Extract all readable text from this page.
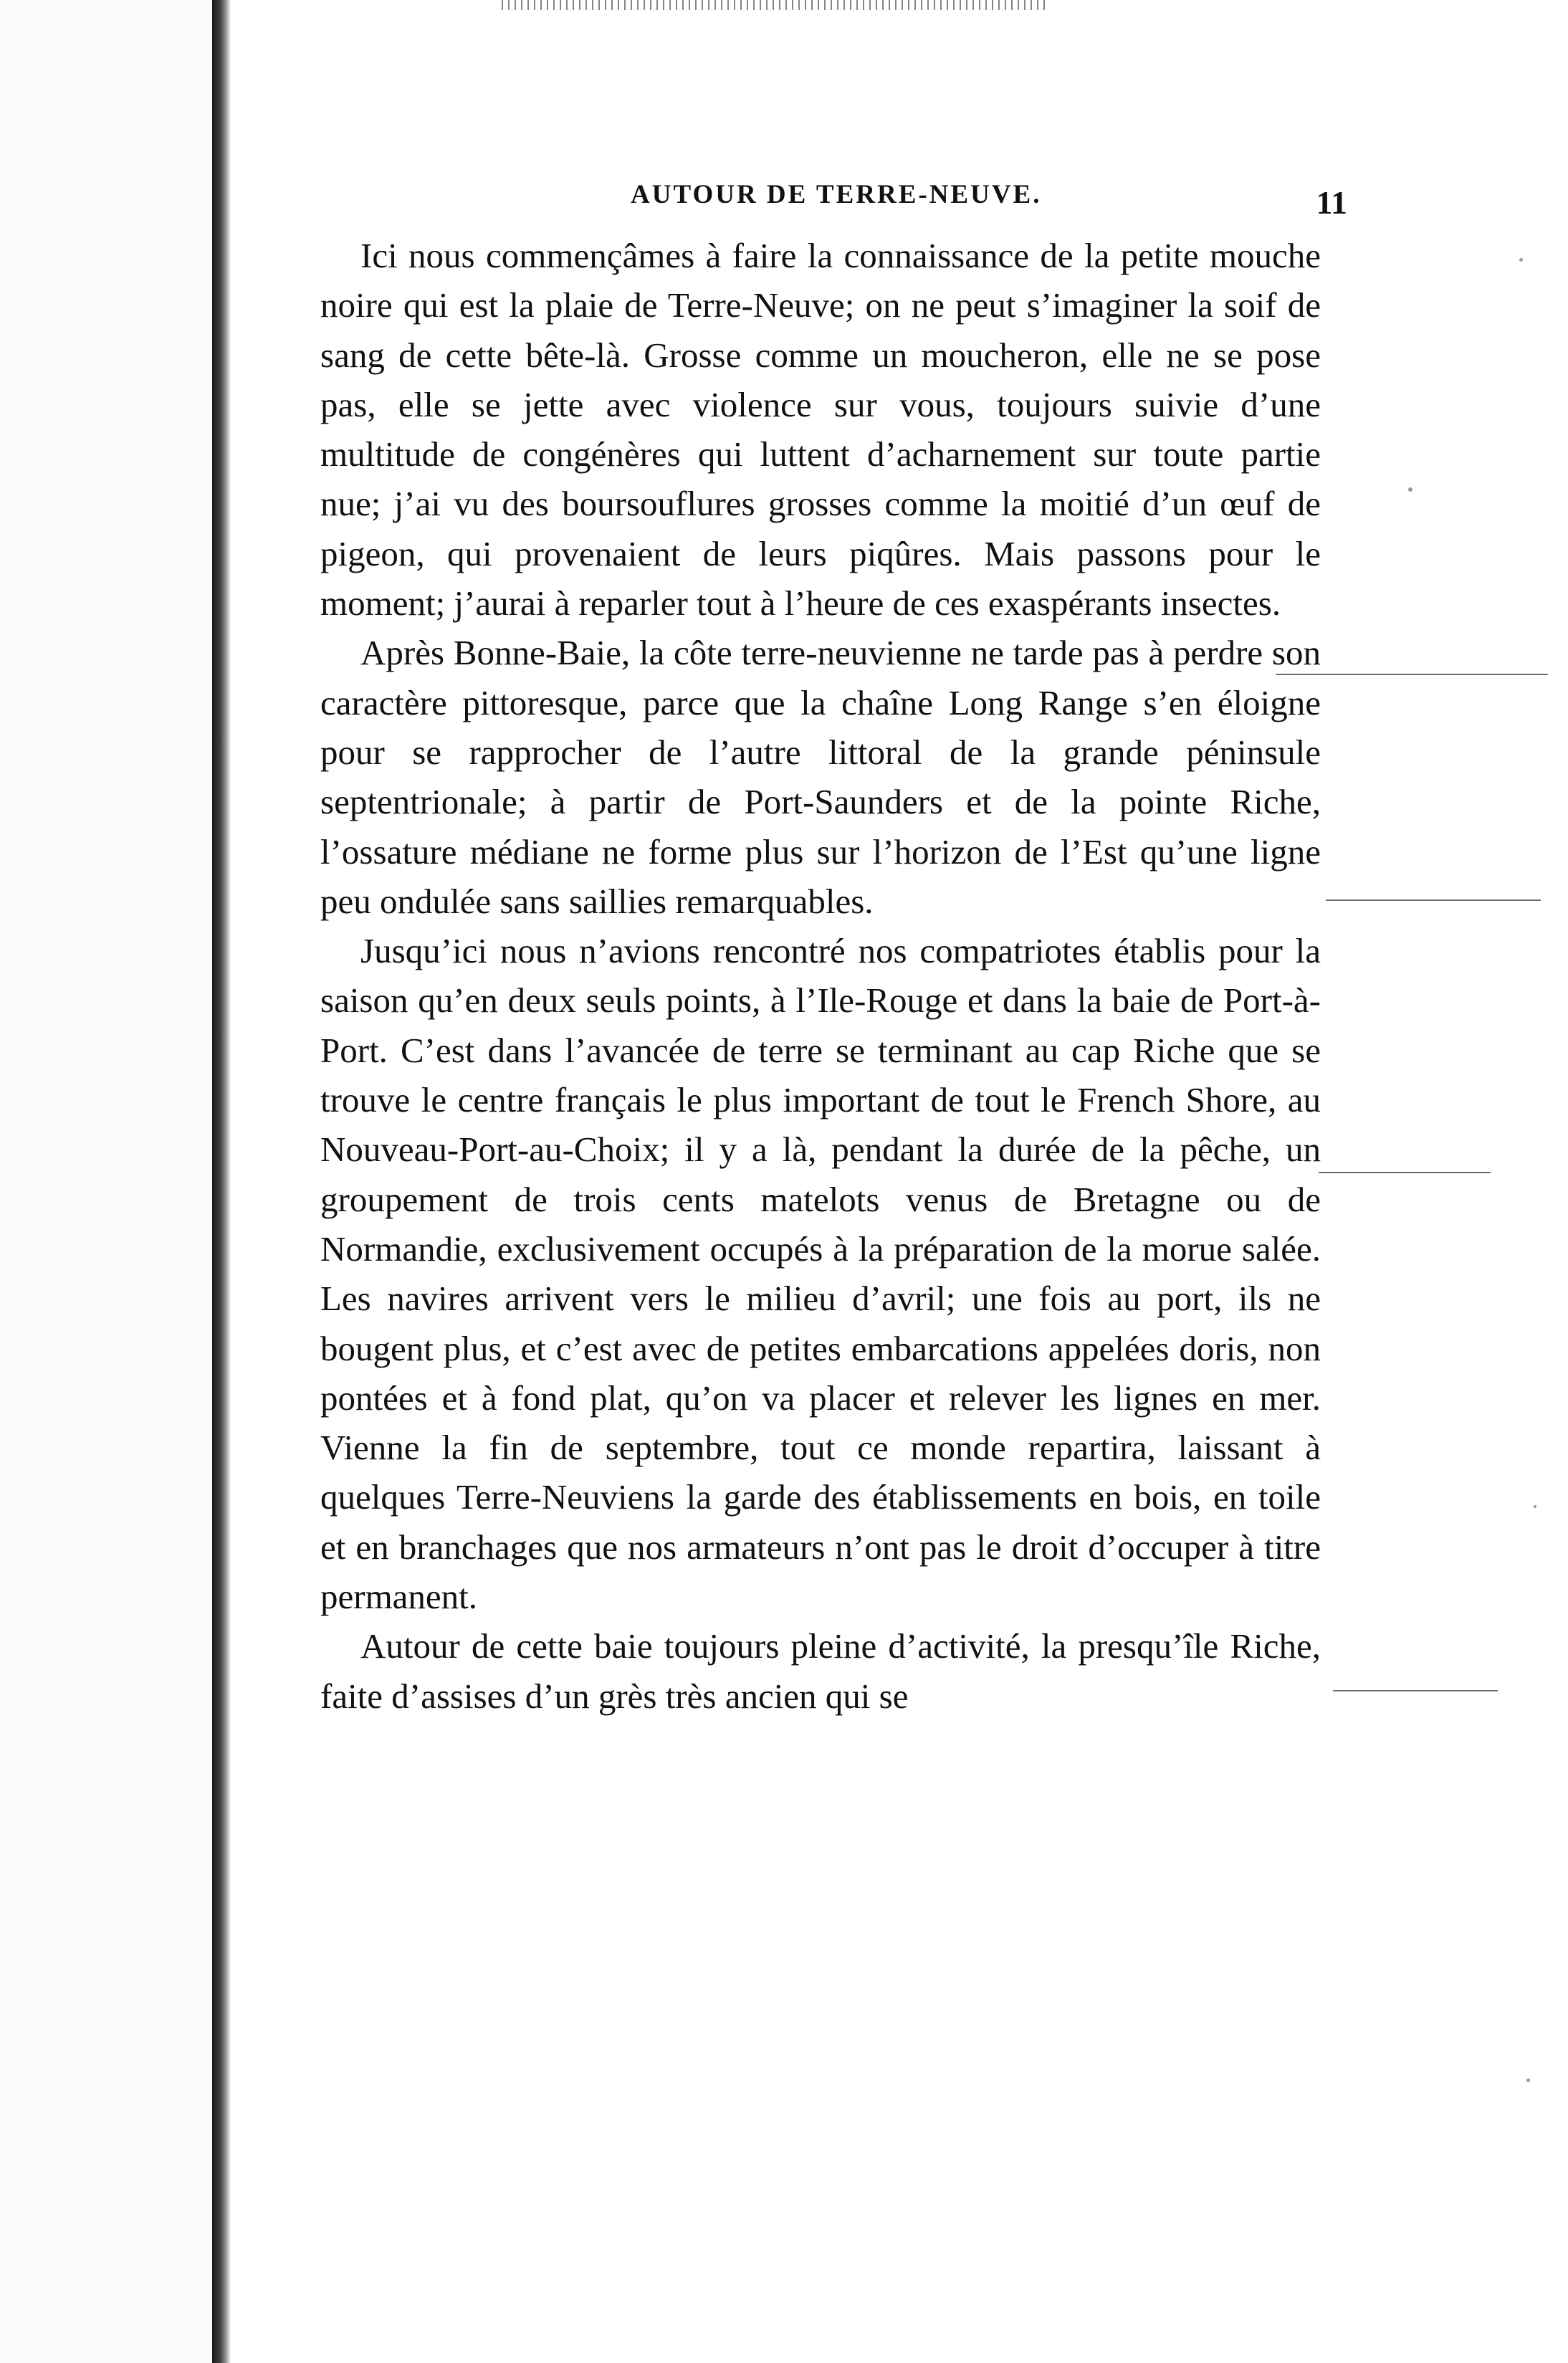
AUTOUR DE TERRE-NEUVE.	11

Ici nous commençâmes à faire la connaissance de la petite mouche noire qui est la plaie de Terre-Neuve; on ne peut s’imaginer la soif de sang de cette bête-là. Grosse comme un moucheron, elle ne se pose pas, elle se jette avec violence sur vous, toujours suivie d’une multitude de congénères qui luttent d’acharnement sur toute partie nue; j’ai vu des boursouflures grosses comme la moitié d’un œuf de pigeon, qui provenaient de leurs piqûres. Mais passons pour le moment; j’aurai à reparler tout à l’heure de ces exaspérants insectes.

Après Bonne-Baie, la côte terre-neuvienne ne tarde pas à perdre son caractère pittoresque, parce que la chaîne Long Range s’en éloigne pour se rapprocher de l’autre littoral de la grande péninsule septentrionale; à partir de Port-Saunders et de la pointe Riche, l’ossature médiane ne forme plus sur l’horizon de l’Est qu’une ligne peu ondulée sans saillies remarquables.

Jusqu’ici nous n’avions rencontré nos compatriotes établis pour la saison qu’en deux seuls points, à l’Ile-Rouge et dans la baie de Port-à-Port. C’est dans l’avancée de terre se terminant au cap Riche que se trouve le centre français le plus important de tout le French Shore, au Nouveau-Port-au-Choix; il y a là, pendant la durée de la pêche, un groupement de trois cents matelots venus de Bretagne ou de Normandie, exclusivement occupés à la préparation de la morue salée. Les navires arrivent vers le milieu d’avril; une fois au port, ils ne bougent plus, et c’est avec de petites embarcations appelées doris, non pontées et à fond plat, qu’on va placer et relever les lignes en mer. Vienne la fin de septembre, tout ce monde repartira, laissant à quelques Terre-Neuviens la garde des établissements en bois, en toile et en branchages que nos armateurs n’ont pas le droit d’occuper à titre permanent.

Autour de cette baie toujours pleine d’activité, la presqu’île Riche, faite d’assises d’un grès très ancien qui se
